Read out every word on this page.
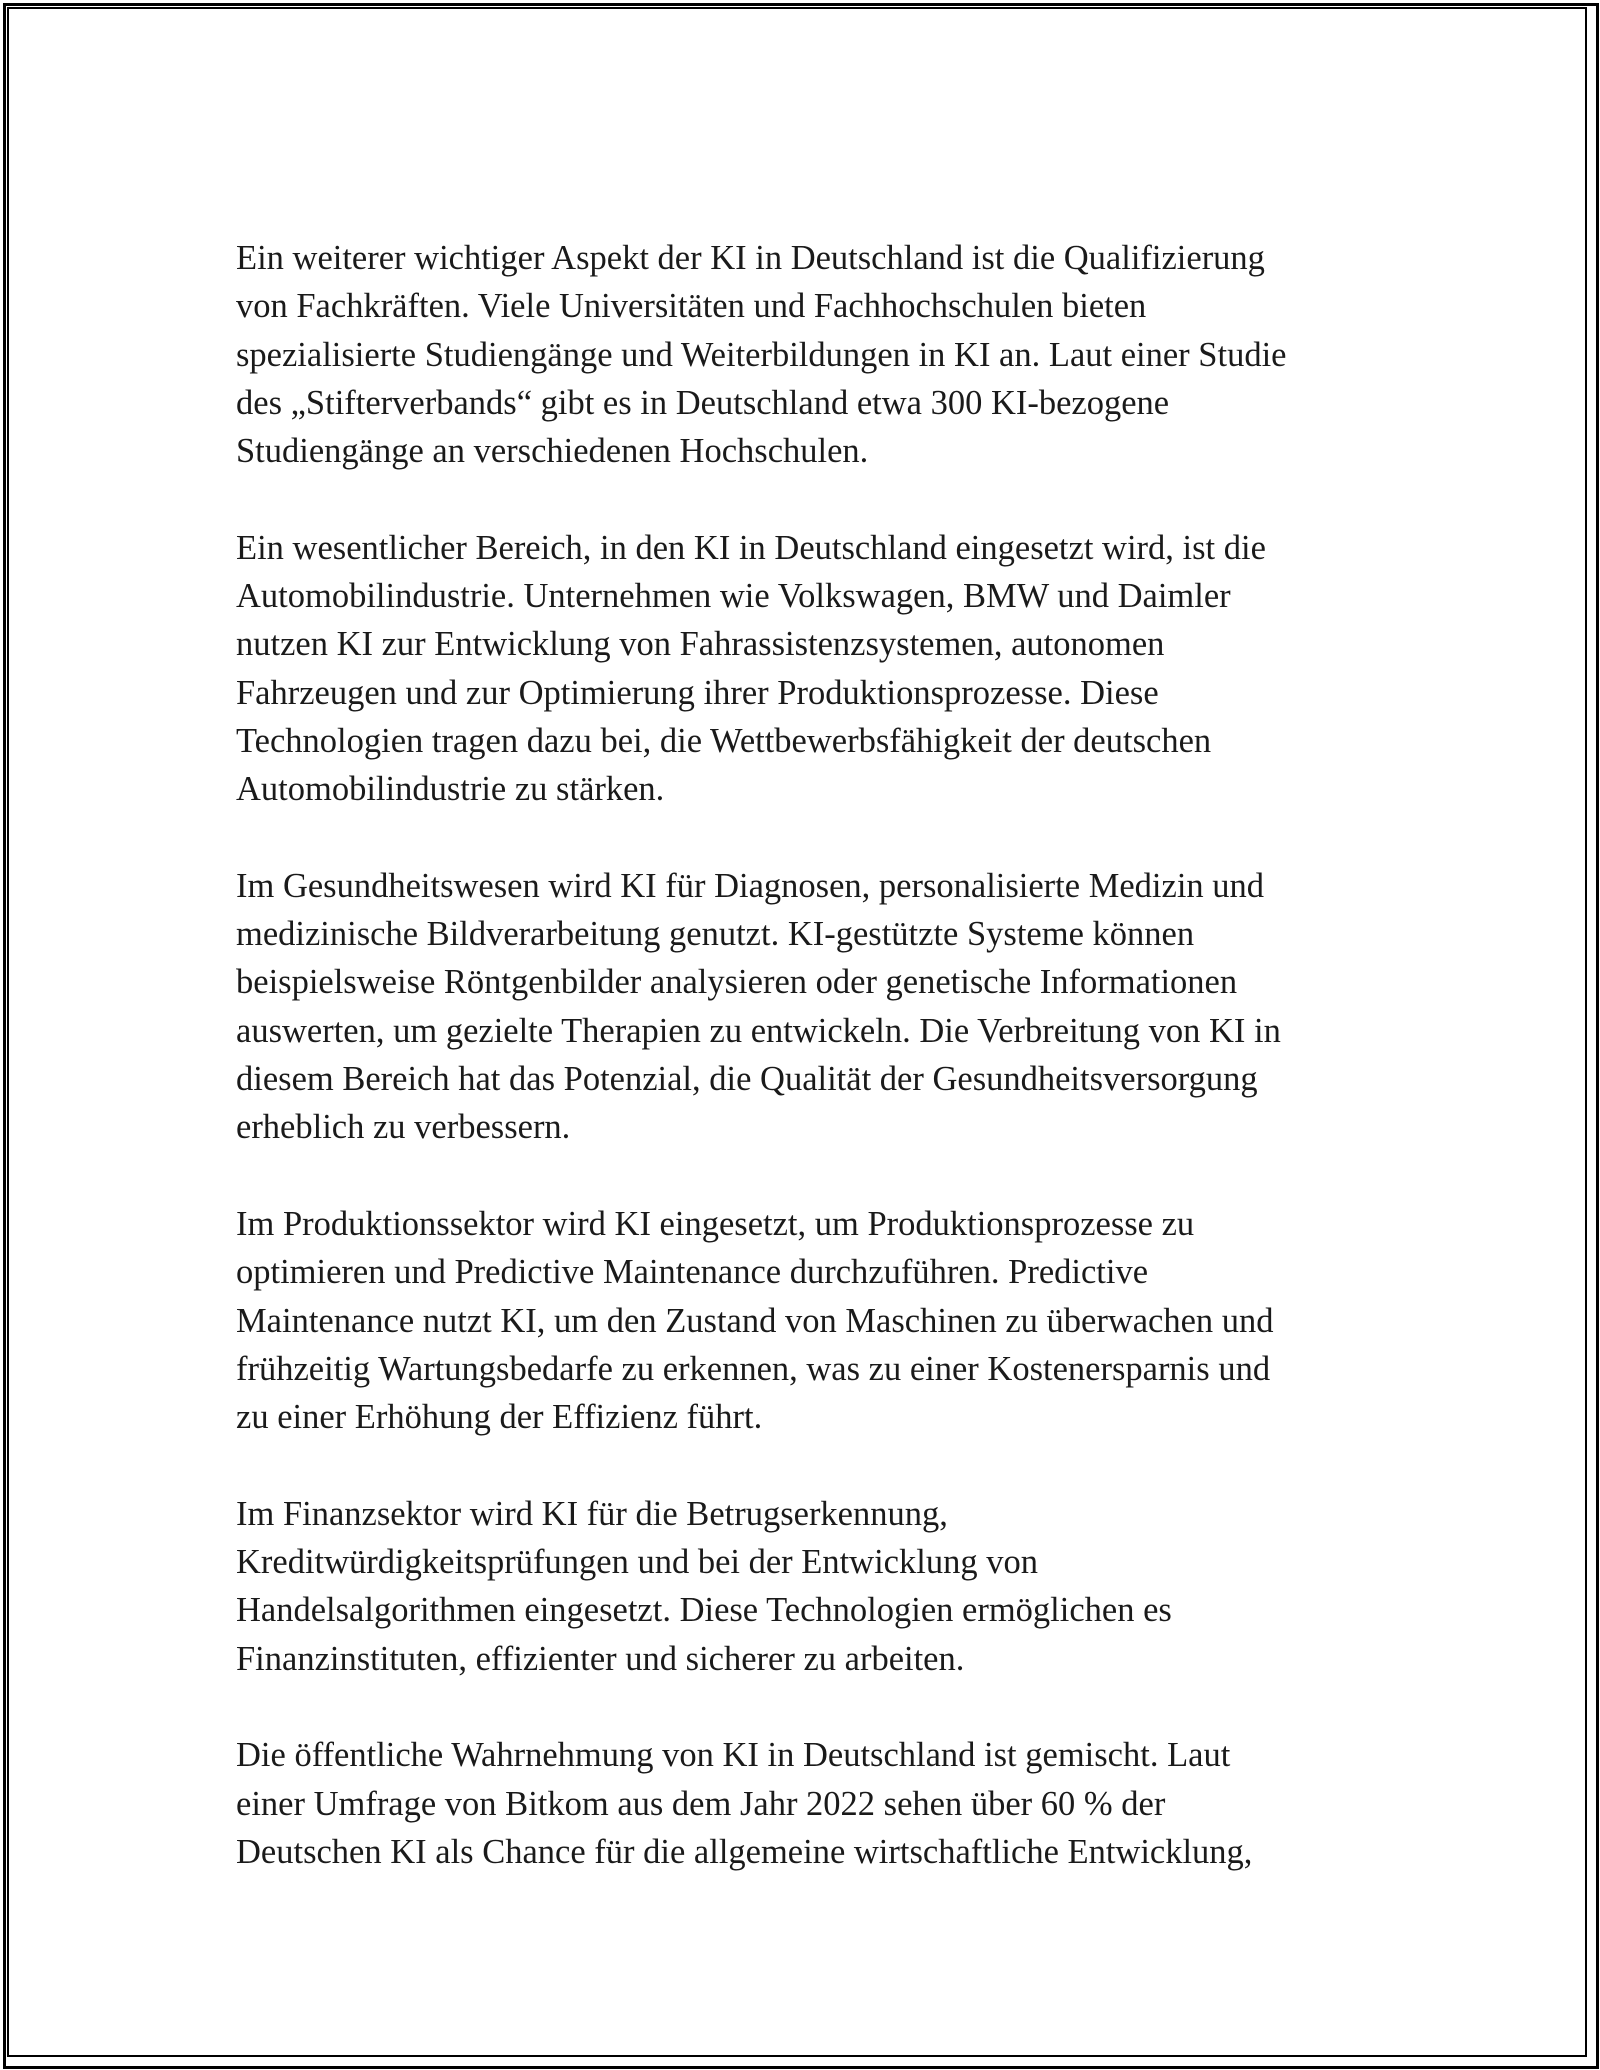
Ein weiterer wichtiger Aspekt der KI in Deutschland ist die Qualifizierung
von Fachkräften. Viele Universitäten und Fachhochschulen bieten
spezialisierte Studiengänge und Weiterbildungen in KI an. Laut einer Studie
des „Stifterverbands“ gibt es in Deutschland etwa 300 KI-bezogene
Studiengänge an verschiedenen Hochschulen.

Ein wesentlicher Bereich, in den KI in Deutschland eingesetzt wird, ist die
Automobilindustrie. Unternehmen wie Volkswagen, BMW und Daimler
nutzen KI zur Entwicklung von Fahrassistenzsystemen, autonomen
Fahrzeugen und zur Optimierung ihrer Produktionsprozesse. Diese
Technologien tragen dazu bei, die Wettbewerbsfähigkeit der deutschen
Automobilindustrie zu stärken.

Im Gesundheitswesen wird KI für Diagnosen, personalisierte Medizin und
medizinische Bildverarbeitung genutzt. KI-gestützte Systeme können
beispielsweise Röntgenbilder analysieren oder genetische Informationen
auswerten, um gezielte Therapien zu entwickeln. Die Verbreitung von KI in
diesem Bereich hat das Potenzial, die Qualität der Gesundheitsversorgung
erheblich zu verbessern.

Im Produktionssektor wird KI eingesetzt, um Produktionsprozesse zu
optimieren und Predictive Maintenance durchzuführen. Predictive
Maintenance nutzt KI, um den Zustand von Maschinen zu überwachen und
frühzeitig Wartungsbedarfe zu erkennen, was zu einer Kostenersparnis und
zu einer Erhöhung der Effizienz führt.

Im Finanzsektor wird KI für die Betrugserkennung,
Kreditwürdigkeitsprüfungen und bei der Entwicklung von
Handelsalgorithmen eingesetzt. Diese Technologien ermöglichen es
Finanzinstituten, effizienter und sicherer zu arbeiten.

Die öffentliche Wahrnehmung von KI in Deutschland ist gemischt. Laut
einer Umfrage von Bitkom aus dem Jahr 2022 sehen über 60 % der
Deutschen KI als Chance für die allgemeine wirtschaftliche Entwicklung,
